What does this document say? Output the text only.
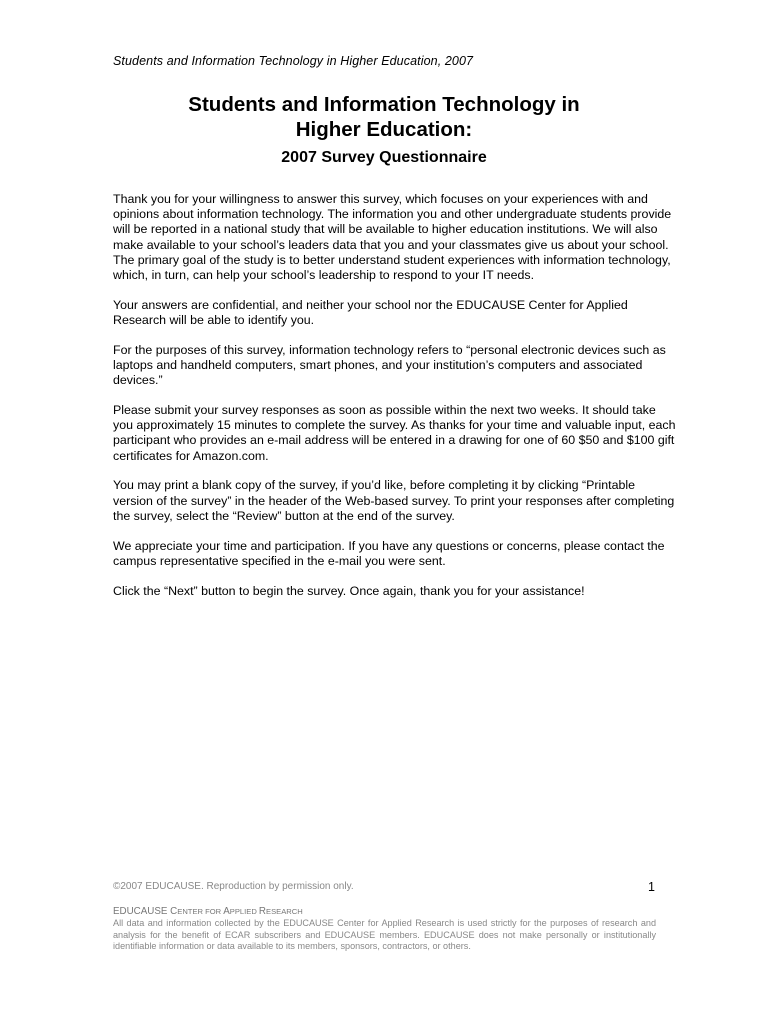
Students and Information Technology in Higher Education, 2007
Students and Information Technology in
Higher Education:
2007 Survey Questionnaire

Thank you for your willingness to answer this survey, which focuses on your experiences with and opinions about information technology. The information you and other undergraduate students provide will be reported in a national study that will be available to higher education institutions. We will also make available to your school’s leaders data that you and your classmates give us about your school. The primary goal of the study is to better understand student experiences with information technology, which, in turn, can help your school’s leadership to respond to your IT needs.

Your answers are confidential, and neither your school nor the EDUCAUSE Center for Applied Research will be able to identify you.

For the purposes of this survey, information technology refers to “personal electronic devices such as laptops and handheld computers, smart phones, and your institution’s computers and associated devices.”

Please submit your survey responses as soon as possible within the next two weeks. It should take you approximately 15 minutes to complete the survey. As thanks for your time and valuable input, each participant who provides an e-mail address will be entered in a drawing for one of 60 $50 and $100 gift certificates for Amazon.com.

You may print a blank copy of the survey, if you’d like, before completing it by clicking “Printable version of the survey” in the header of the Web-based survey. To print your responses after completing the survey, select the “Review” button at the end of the survey.

We appreciate your time and participation. If you have any questions or concerns, please contact the campus representative specified in the e-mail you were sent.

Click the “Next” button to begin the survey. Once again, thank you for your assistance!

©2007 EDUCAUSE. Reproduction by permission only.	1
EDUCAUSE CENTER FOR APPLIED RESEARCH
All data and information collected by the EDUCAUSE Center for Applied Research is used strictly for the purposes of research and analysis for the benefit of ECAR subscribers and EDUCAUSE members. EDUCAUSE does not make personally or institutionally identifiable information or data available to its members, sponsors, contractors, or others.
